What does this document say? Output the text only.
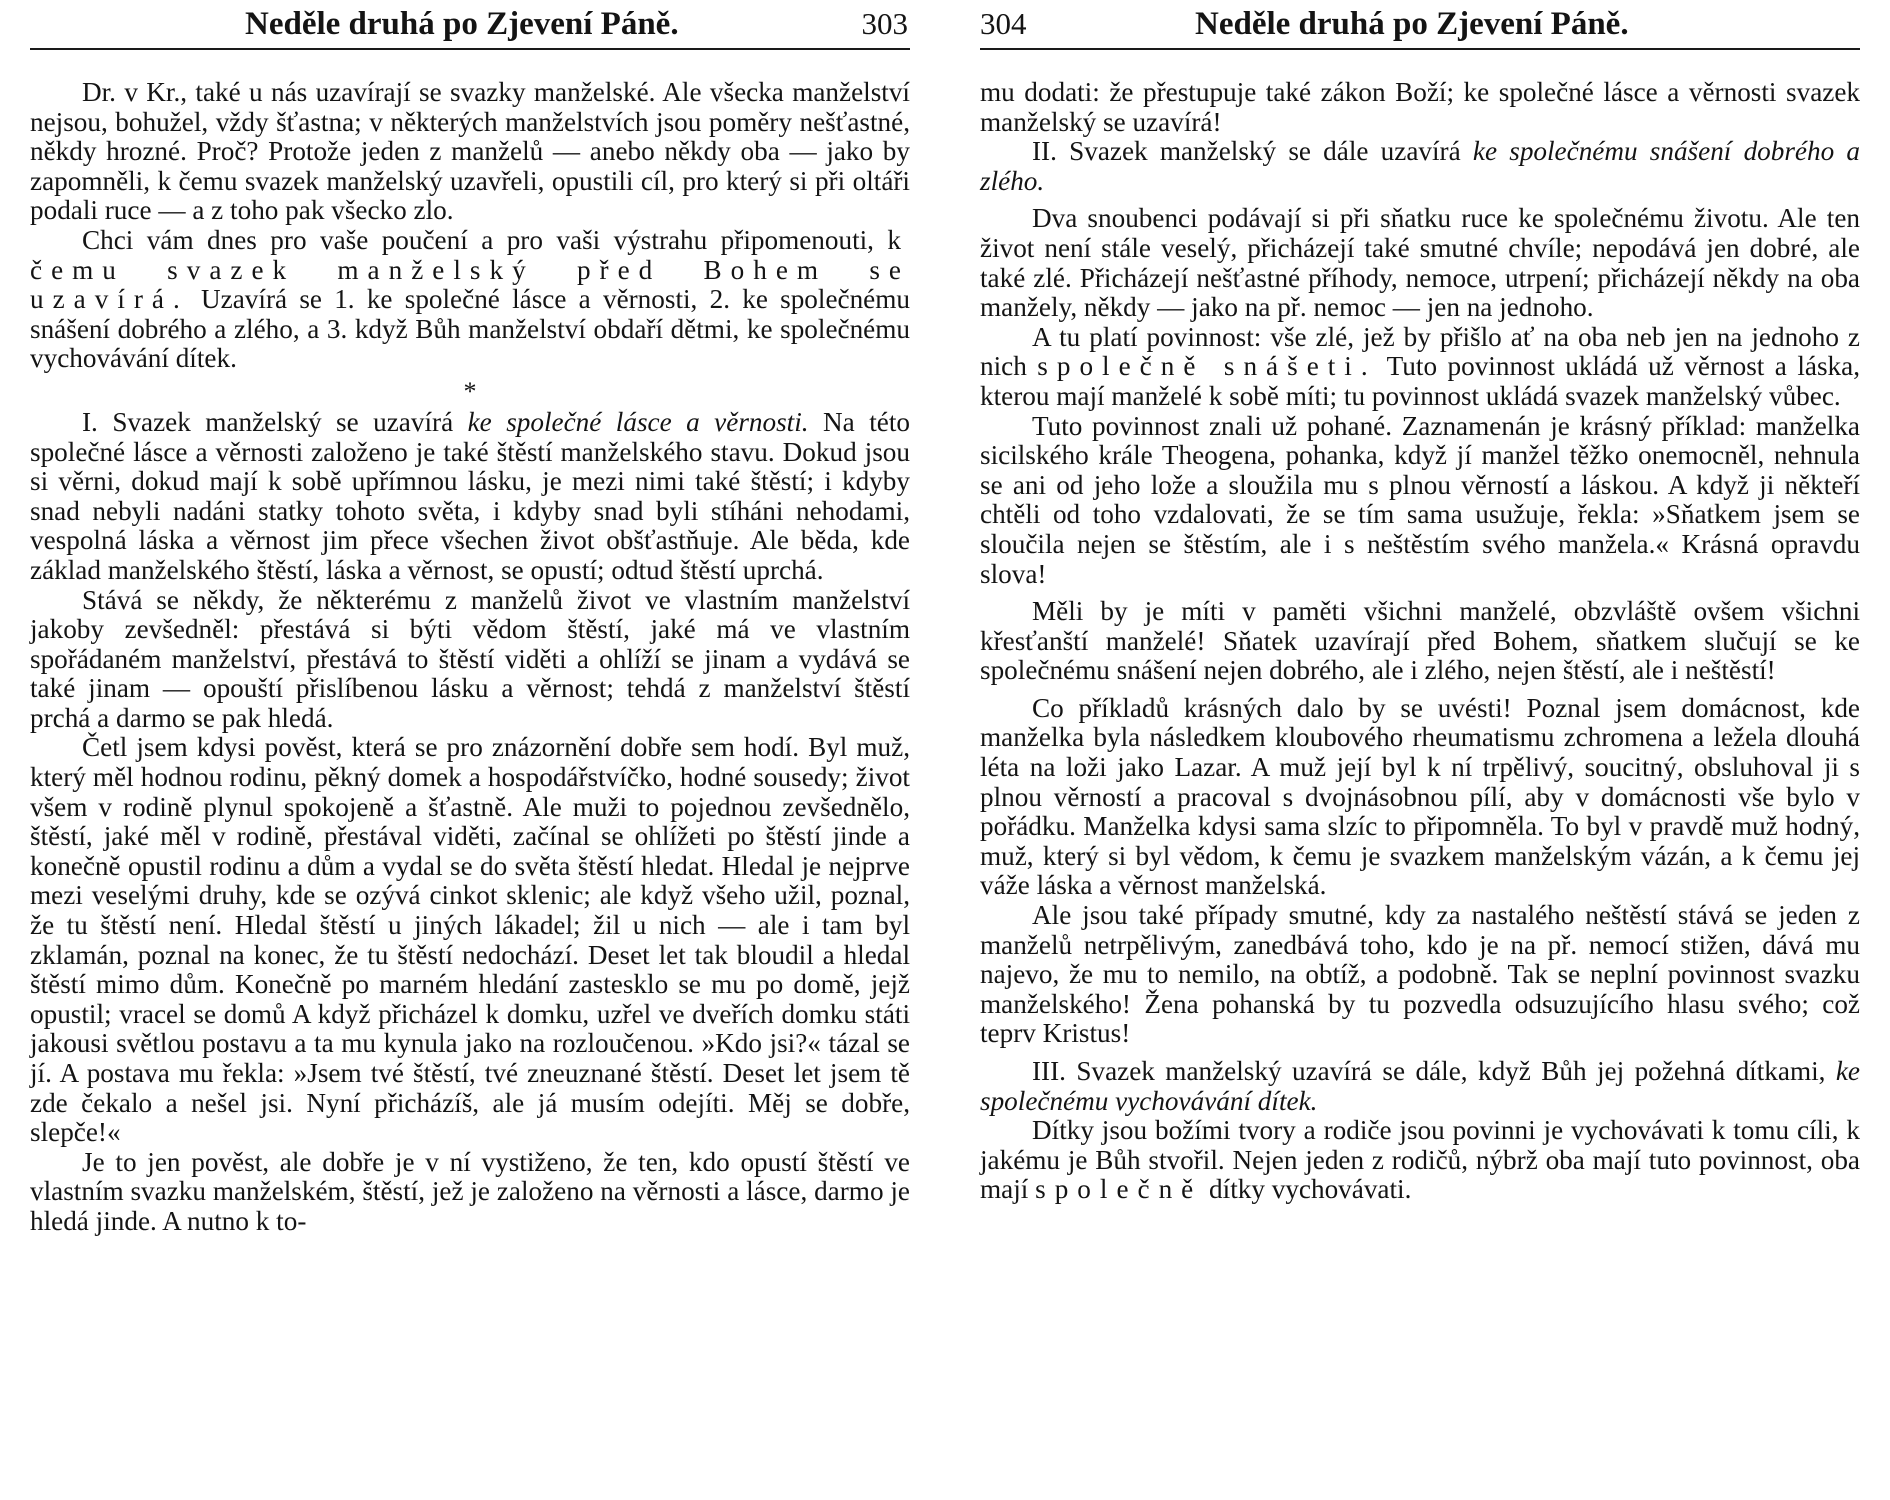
Neděle druhá po Zjevení Páně.	303

Dr. v Kr., také u nás uzavírají se svazky manželské. Ale všecka manželství nejsou, bohužel, vždy šťastna; v některých manželstvích jsou poměry nešťastné, někdy hrozné. Proč? Protože jeden z manželů — anebo někdy oba — jako by zapomněli, k čemu svazek manželský uzavřeli, opustili cíl, pro který si při oltáři podali ruce — a z toho pak všecko zlo.

Chci vám dnes pro vaše poučení a pro vaši výstrahu připomenouti, k čemu svazek manželský před Bohem se uzavírá. Uzavírá se 1. ke společné lásce a věrnosti, 2. ke společnému snášení dobrého a zlého, a 3. když Bůh manželství obdaří dětmi, ke společnému vychovávání dítek.

*

I. Svazek manželský se uzavírá ke společné lásce a věrnosti. Na této společné lásce a věrnosti založeno je také štěstí manželského stavu. Dokud jsou si věrni, dokud mají k sobě upřímnou lásku, je mezi nimi také štěstí; i kdyby snad nebyli nadáni statky tohoto světa, i kdyby snad byli stíháni nehodami, vespolná láska a věrnost jim přece všechen život obšťastňuje. Ale běda, kde základ manželského štěstí, láska a věrnost, se opustí; odtud štěstí uprchá.

Stává se někdy, že některému z manželů život ve vlastním manželství jakoby zevšedněl: přestává si býti vědom štěstí, jaké má ve vlastním spořádaném manželství, přestává to štěstí viděti a ohlíží se jinam a vydává se také jinam — opouští přislíbenou lásku a věrnost; tehdá z manželství štěstí prchá a darmo se pak hledá.

Četl jsem kdysi pověst, která se pro znázornění dobře sem hodí. Byl muž, který měl hodnou rodinu, pěkný domek a hospodářstvíčko, hodné sousedy; život všem v rodině plynul spokojeně a šťastně. Ale muži to pojednou zevšednělo, štěstí, jaké měl v rodině, přestával viděti, začínal se ohlížeti po štěstí jinde a konečně opustil rodinu a dům a vydal se do světa štěstí hledat. Hledal je nejprve mezi veselými druhy, kde se ozývá cinkot sklenic; ale když všeho užil, poznal, že tu štěstí není. Hledal štěstí u jiných lákadel; žil u nich — ale i tam byl zklamán, poznal na konec, že tu štěstí nedochází. Deset let tak bloudil a hledal štěstí mimo dům. Konečně po marném hledání zastesklo se mu po domě, jejž opustil; vracel se domů A když přicházel k domku, uzřel ve dveřích domku státi jakousi světlou postavu a ta mu kynula jako na rozloučenou. »Kdo jsi?« tázal se jí. A postava mu řekla: »Jsem tvé štěstí, tvé zneuznané štěstí. Deset let jsem tě zde čekalo a nešel jsi. Nyní přicházíš, ale já musím odejíti. Měj se dobře, slepče!«

Je to jen pověst, ale dobře je v ní vystiženo, že ten, kdo opustí štěstí ve vlastním svazku manželském, štěstí, jež je založeno na věrnosti a lásce, darmo je hledá jinde. A nutno k to-

304	Neděle druhá po Zjevení Páně.

mu dodati: že přestupuje také zákon Boží; ke společné lásce a věrnosti svazek manželský se uzavírá!

II. Svazek manželský se dále uzavírá ke společnému snášení dobrého a zlého.

Dva snoubenci podávají si při sňatku ruce ke společnému životu. Ale ten život není stále veselý, přicházejí také smutné chvíle; nepodává jen dobré, ale také zlé. Přicházejí nešťastné příhody, nemoce, utrpení; přicházejí někdy na oba manžely, někdy — jako na př. nemoc — jen na jednoho.

A tu platí povinnost: vše zlé, jež by přišlo ať na oba neb jen na jednoho z nich společně snášeti. Tuto povinnost ukládá už věrnost a láska, kterou mají manželé k sobě míti; tu povinnost ukládá svazek manželský vůbec.

Tuto povinnost znali už pohané. Zaznamenán je krásný příklad: manželka sicilského krále Theogena, pohanka, když jí manžel těžko onemocněl, nehnula se ani od jeho lože a sloužila mu s plnou věrností a láskou. A když ji někteří chtěli od toho vzdalovati, že se tím sama usužuje, řekla: »Sňatkem jsem se sloučila nejen se štěstím, ale i s neštěstím svého manžela.« Krásná opravdu slova!

Měli by je míti v paměti všichni manželé, obzvláště ovšem všichni křesťanští manželé! Sňatek uzavírají před Bohem, sňatkem slučují se ke společnému snášení nejen dobrého, ale i zlého, nejen štěstí, ale i neštěstí!

Co příkladů krásných dalo by se uvésti! Poznal jsem domácnost, kde manželka byla následkem kloubového rheumatismu zchromena a ležela dlouhá léta na loži jako Lazar. A muž její byl k ní trpělivý, soucitný, obsluhoval ji s plnou věrností a pracoval s dvojnásobnou pílí, aby v domácnosti vše bylo v pořádku. Manželka kdysi sama slzíc to připomněla. To byl v pravdě muž hodný, muž, který si byl vědom, k čemu je svazkem manželským vázán, a k čemu jej váže láska a věrnost manželská.

Ale jsou také případy smutné, kdy za nastalého neštěstí stává se jeden z manželů netrpělivým, zanedbává toho, kdo je na př. nemocí stižen, dává mu najevo, že mu to nemilo, na obtíž, a podobně. Tak se neplní povinnost svazku manželského! Žena pohanská by tu pozvedla odsuzujícího hlasu svého; což teprv Kristus!

III. Svazek manželský uzavírá se dále, když Bůh jej požehná dítkami, ke společnému vychovávání dítek.

Dítky jsou božími tvory a rodiče jsou povinni je vychovávati k tomu cíli, k jakému je Bůh stvořil. Nejen jeden z rodičů, nýbrž oba mají tuto povinnost, oba mají společně dítky vychovávati.
